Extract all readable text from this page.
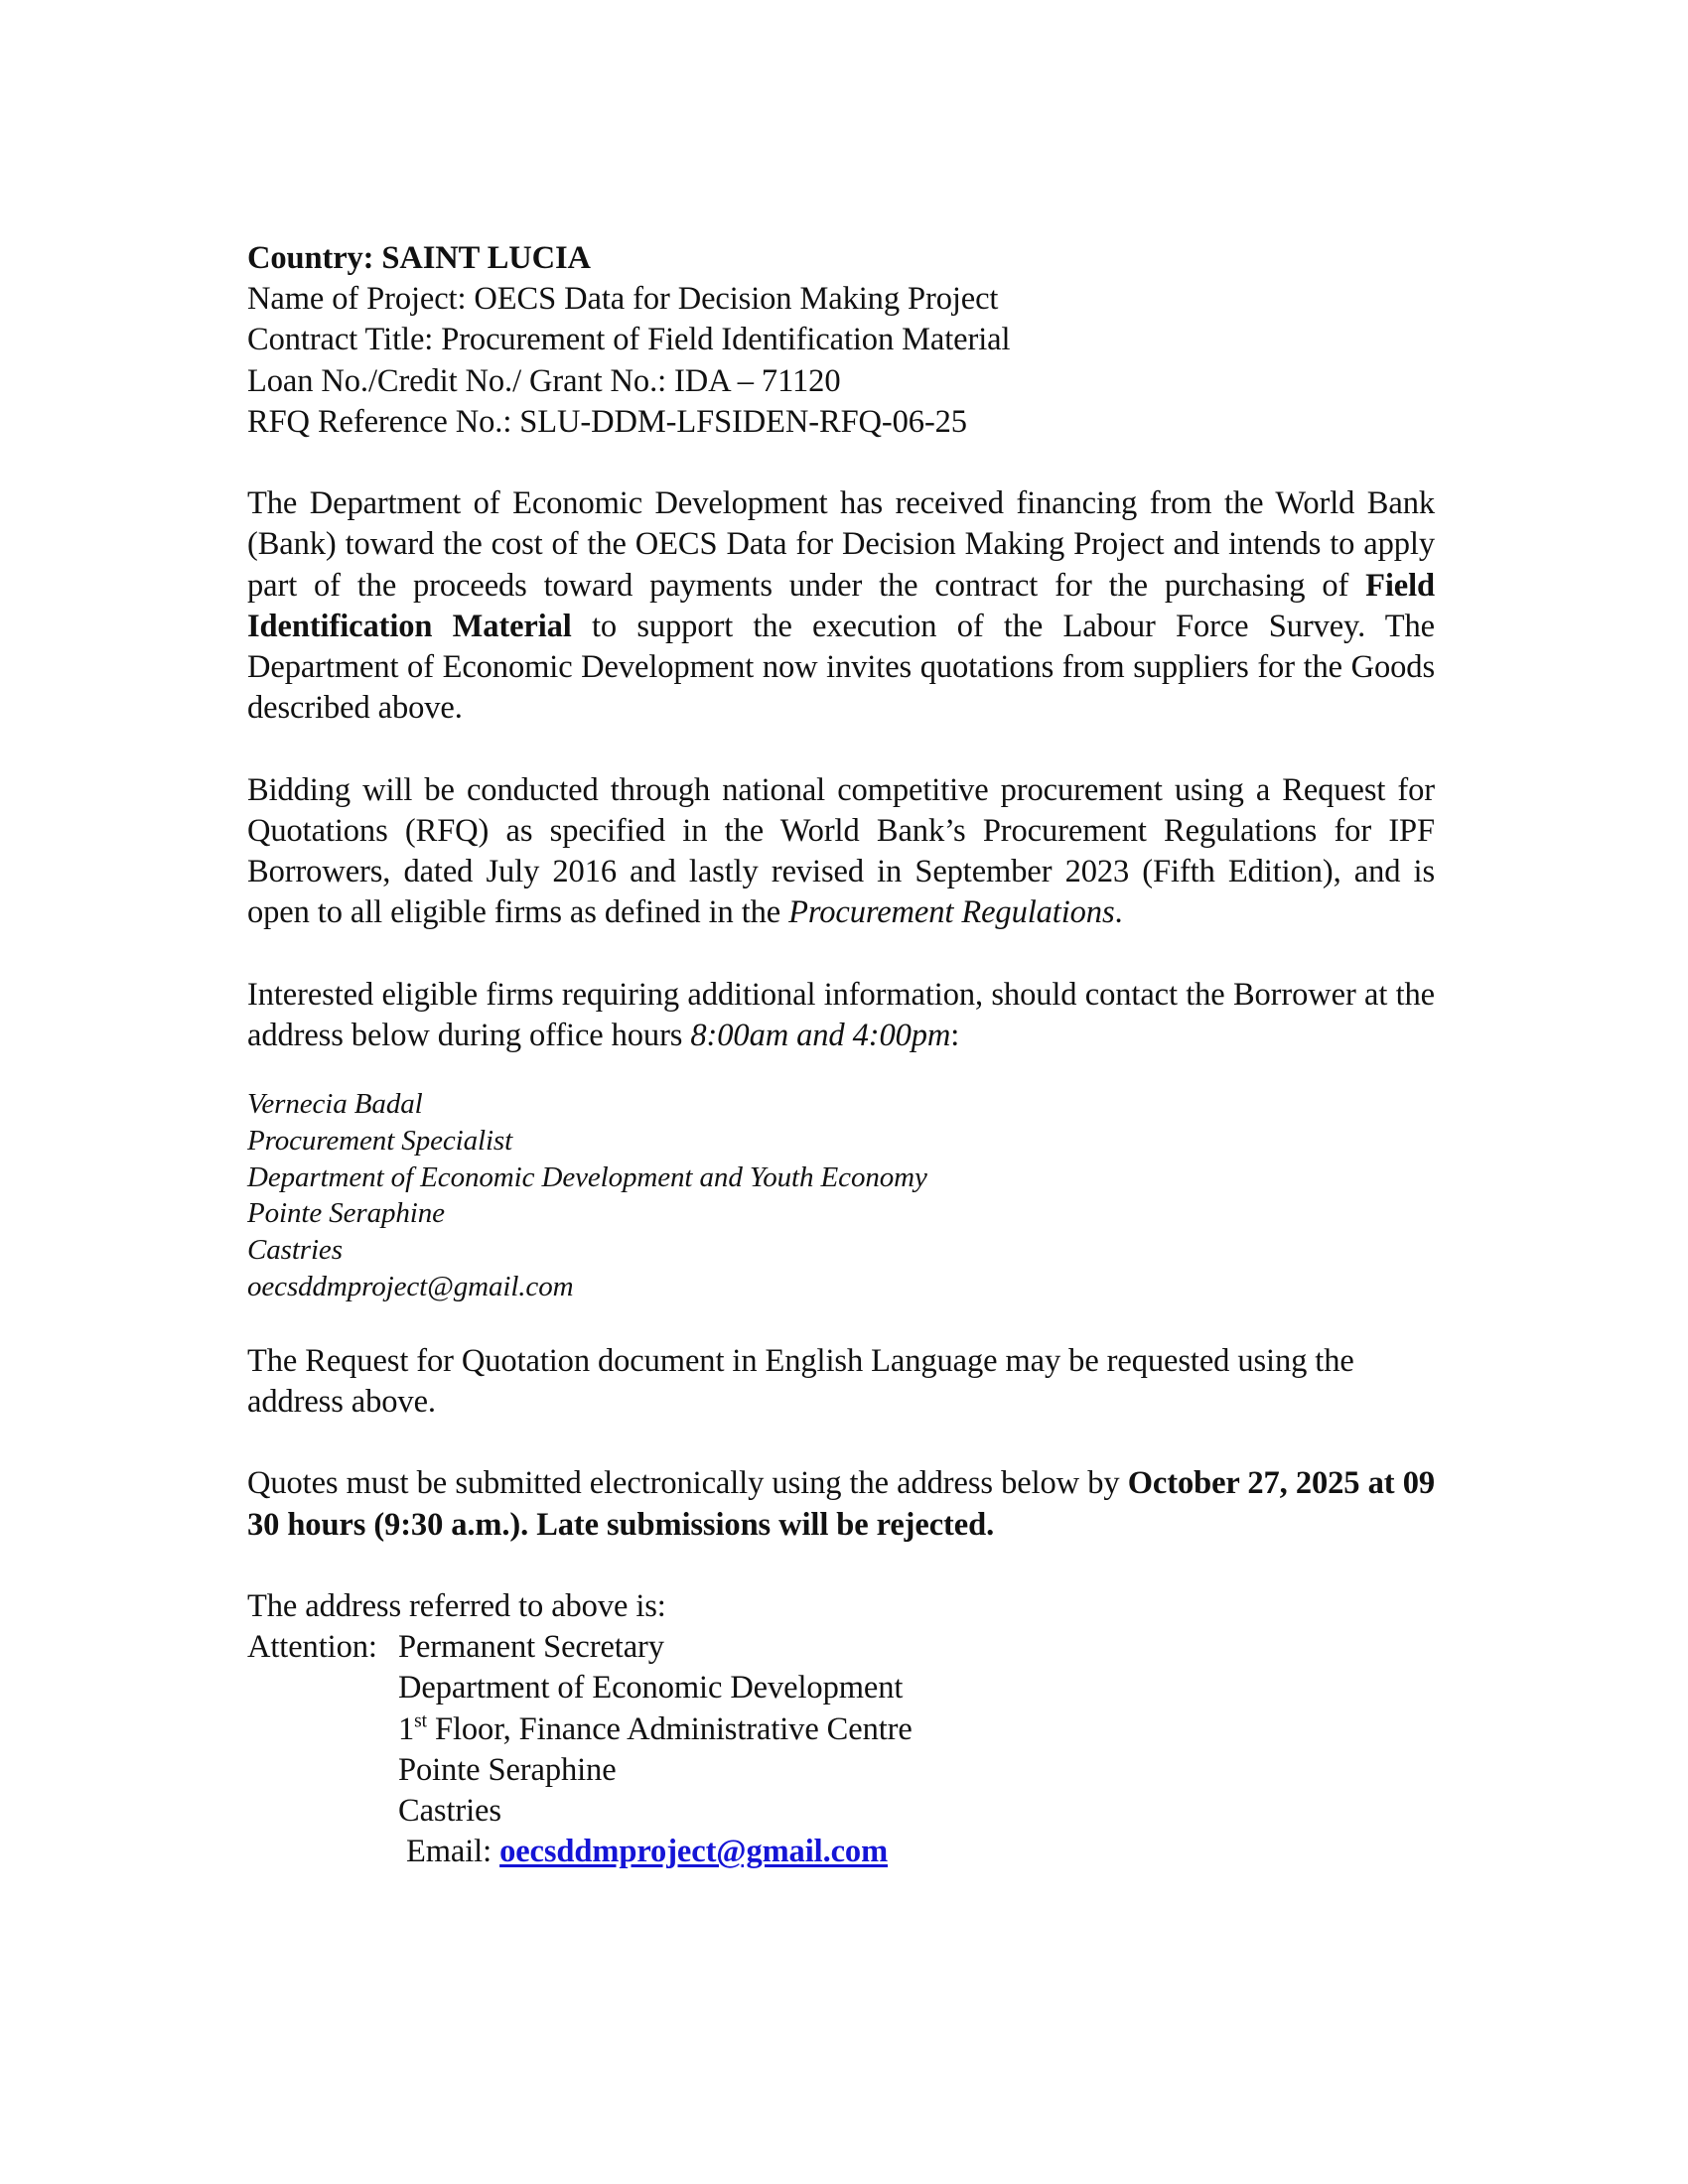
Country: SAINT LUCIA
Name of Project: OECS Data for Decision Making Project
Contract Title: Procurement of Field Identification Material
Loan No./Credit No./ Grant No.: IDA – 71120
RFQ Reference No.: SLU-DDM-LFSIDEN-RFQ-06-25

The Department of Economic Development has received financing from the World Bank (Bank) toward the cost of the OECS Data for Decision Making Project and intends to apply part of the proceeds toward payments under the contract for the purchasing of Field Identification Material to support the execution of the Labour Force Survey. The Department of Economic Development now invites quotations from suppliers for the Goods described above.

Bidding will be conducted through national competitive procurement using a Request for Quotations (RFQ) as specified in the World Bank’s Procurement Regulations for IPF Borrowers, dated July 2016 and lastly revised in September 2023 (Fifth Edition), and is open to all eligible firms as defined in the Procurement Regulations.

Interested eligible firms requiring additional information, should contact the Borrower at the address below during office hours 8:00am and 4:00pm:

Vernecia Badal
Procurement Specialist
Department of Economic Development and Youth Economy
Pointe Seraphine
Castries
oecsddmproject@gmail.com

The Request for Quotation document in English Language may be requested using the address above.

Quotes must be submitted electronically using the address below by October 27, 2025 at 09 30 hours (9:30 a.m.). Late submissions will be rejected.

The address referred to above is:
Attention: Permanent Secretary
Department of Economic Development
1st Floor, Finance Administrative Centre
Pointe Seraphine
Castries
Email: oecsddmproject@gmail.com
